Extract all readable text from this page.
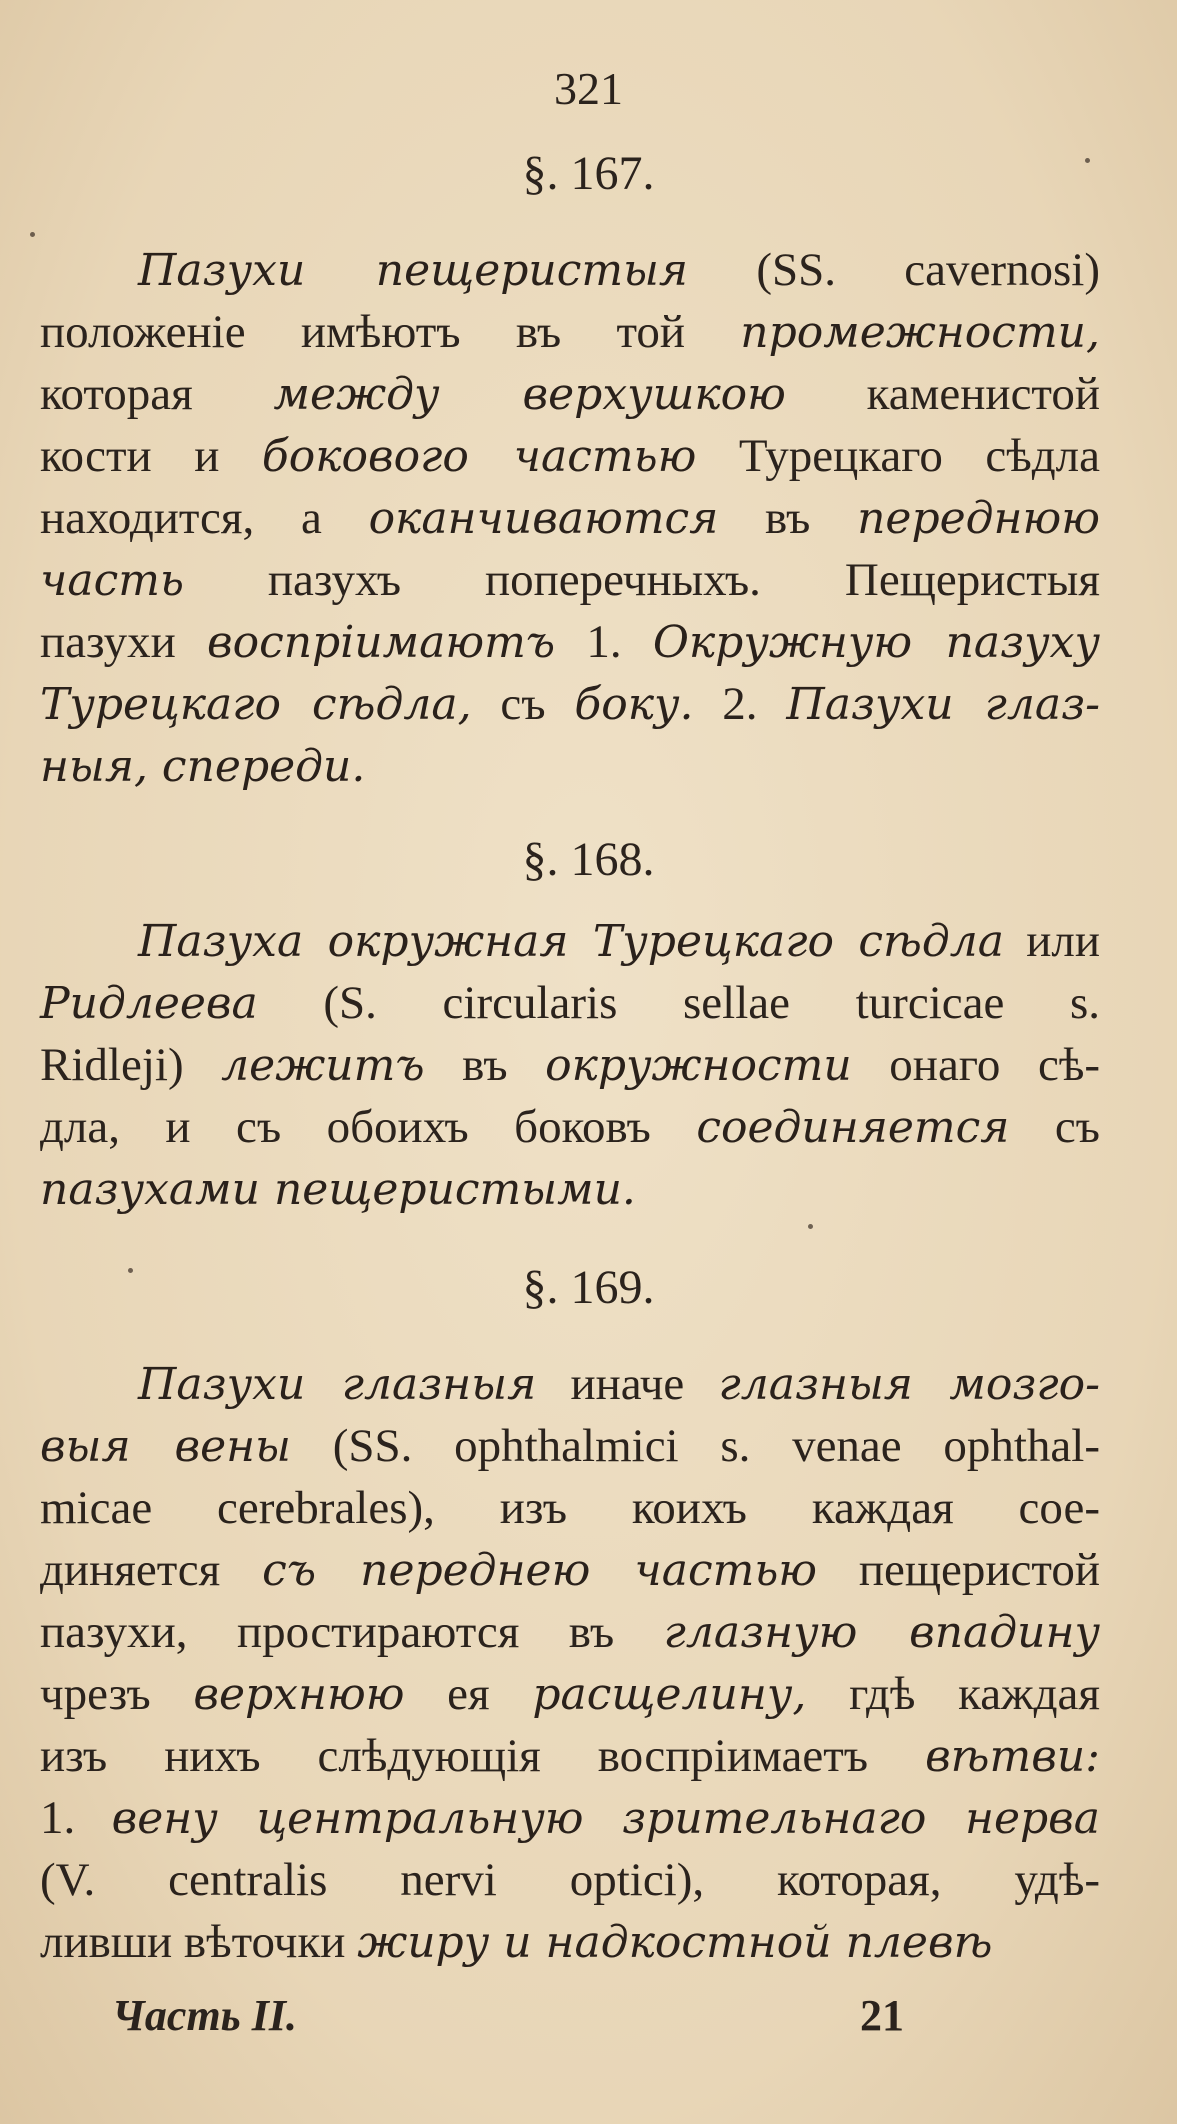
321
§. 167.
Пазухи пещеристыя (SS. cavernosi)
положеніе имѣютъ въ той промежности,
которая между верхушкою каменистой
кости и бокового частью Турецкаго сѣдла
находится, а оканчиваются въ переднюю
часть пазухъ поперечныхъ. Пещеристыя
пазухи воспріимаютъ 1. Окружную пазуху
Турецкаго сѣдла, съ боку. 2. Пазухи глаз-
ныя, спереди.
§. 168.
Пазуха окружная Турецкаго сѣдла или
Ридлеева (S. circularis sellae turcicae s.
Ridleji) лежитъ въ окружности онаго сѣ-
дла, и съ обоихъ боковъ соединяется съ
пазухами пещеристыми.
§. 169.
Пазухи глазныя иначе глазныя мозго-
выя вены (SS. ophthalmici s. venae ophthal-
micae cerebrales), изъ коихъ каждая сое-
диняется съ переднею частью пещеристой
пазухи, простираются въ глазную впадину
чрезъ верхнюю ея расщелину, гдѣ каждая
изъ нихъ слѣдующія воспріимаетъ вѣтви:
1. вену центральную зрительнаго нерва
(V. centralis nervi optici), которая, удѣ-
ливши вѣточки жиру и надкостной плевѣ
Часть II.	21
